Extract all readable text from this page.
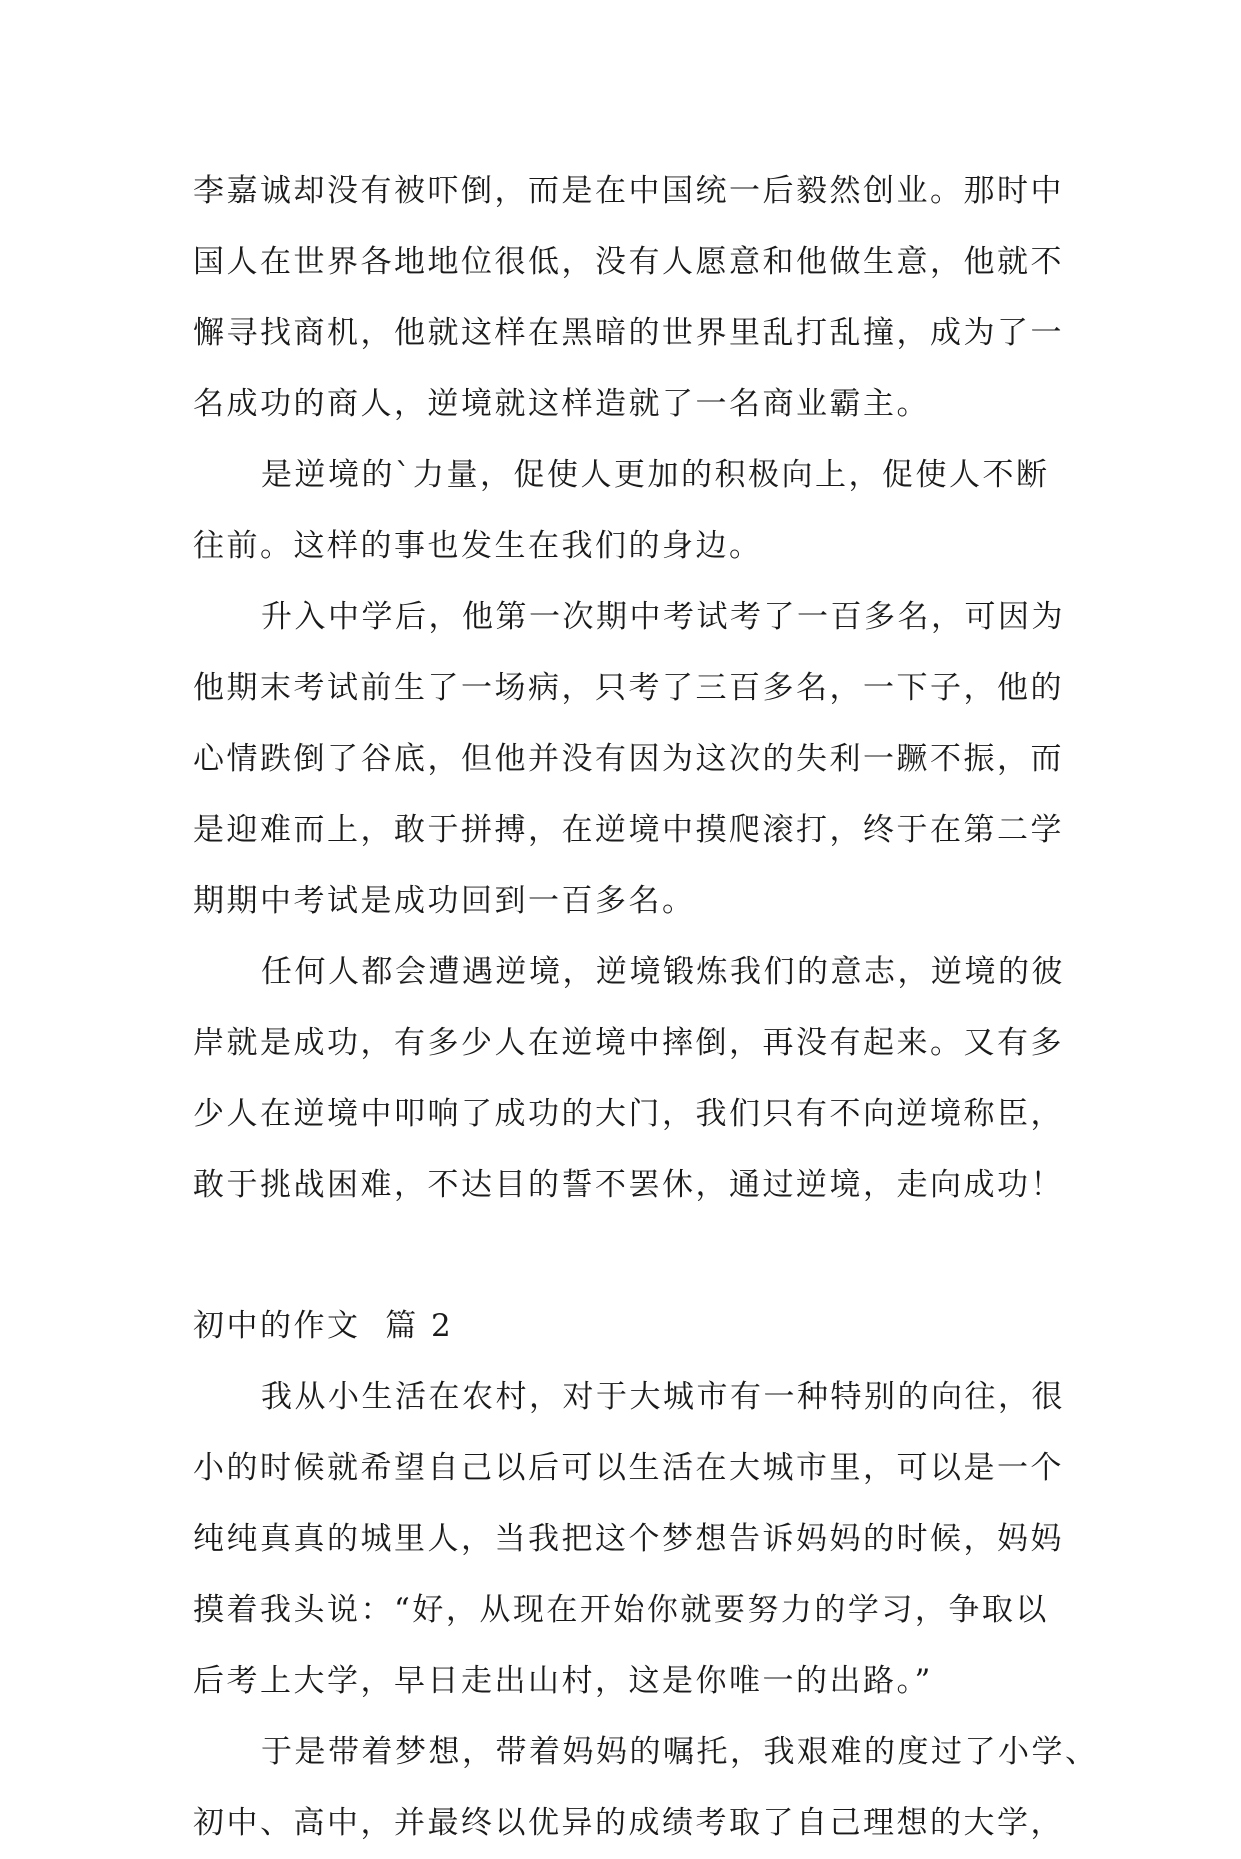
李嘉诚却没有被吓倒，而是在中国统一后毅然创业。那时中
国人在世界各地地位很低，没有人愿意和他做生意，他就不
懈寻找商机，他就这样在黑暗的世界里乱打乱撞，成为了一
名成功的商人，逆境就这样造就了一名商业霸主。
是逆境的`力量，促使人更加的积极向上，促使人不断
往前。这样的事也发生在我们的身边。
升入中学后，他第一次期中考试考了一百多名，可因为
他期末考试前生了一场病，只考了三百多名，一下子，他的
心情跌倒了谷底，但他并没有因为这次的失利一蹶不振，而
是迎难而上，敢于拼搏，在逆境中摸爬滚打，终于在第二学
期期中考试是成功回到一百多名。
任何人都会遭遇逆境，逆境锻炼我们的意志，逆境的彼
岸就是成功，有多少人在逆境中摔倒，再没有起来。又有多
少人在逆境中叩响了成功的大门，我们只有不向逆境称臣，
敢于挑战困难，不达目的誓不罢休，通过逆境，走向成功！
初中的作文  篇 2
我从小生活在农村，对于大城市有一种特别的向往，很
小的时候就希望自己以后可以生活在大城市里，可以是一个
纯纯真真的城里人，当我把这个梦想告诉妈妈的时候，妈妈
摸着我头说：“好，从现在开始你就要努力的学习，争取以
后考上大学，早日走出山村，这是你唯一的出路。”
于是带着梦想，带着妈妈的嘱托，我艰难的度过了小学、
初中、高中，并最终以优异的成绩考取了自己理想的大学，
